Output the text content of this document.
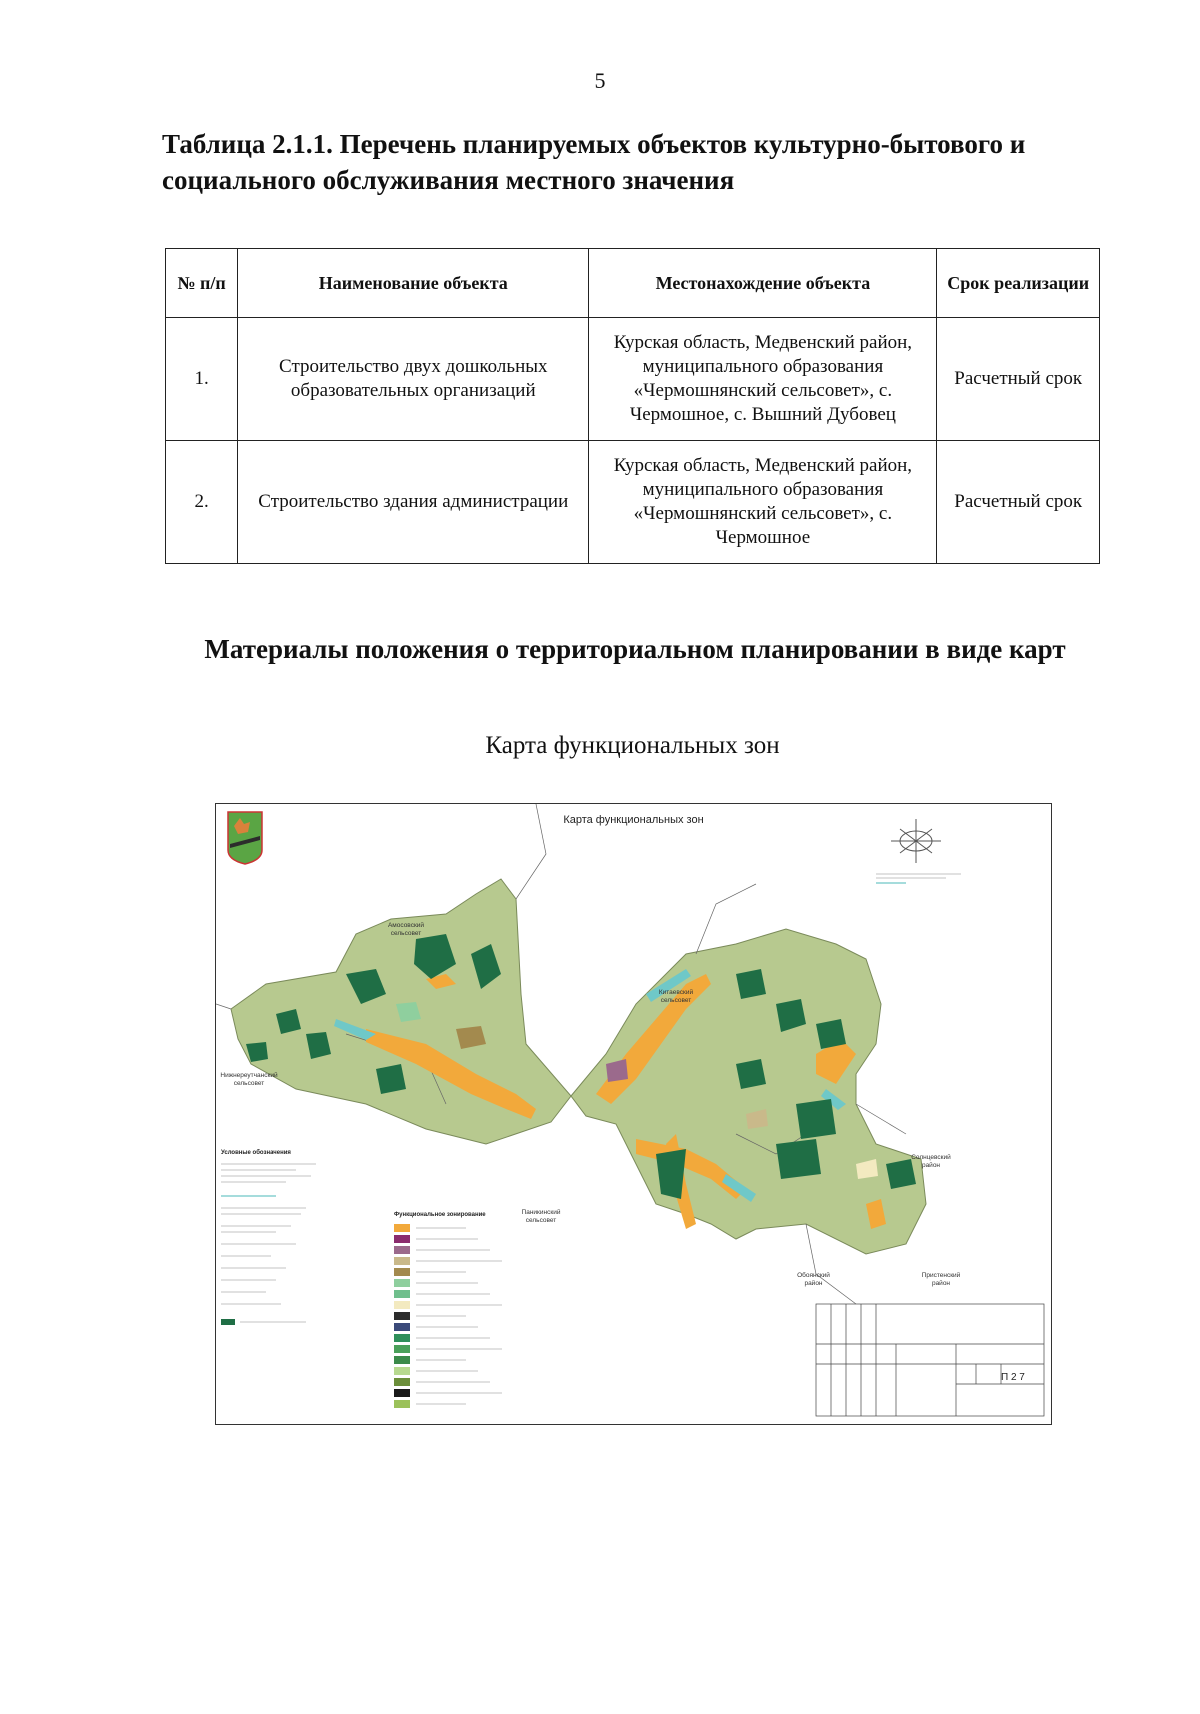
5
Таблица 2.1.1. Перечень планируемых объектов культурно-бытового и социального обслуживания местного значения
№ п/п	Наименование объекта	Местонахождение объекта	Срок реализации
1.	Строительство двух дошкольных образовательных организаций	Курская область, Медвенский район, муниципального образования «Чермошнянский сельсовет», с. Чермошное, с. Вышний Дубовец	Расчетный срок
2.	Строительство здания администрации	Курская область, Медвенский район, муниципального образования «Чермошнянский сельсовет», с. Чермошное	Расчетный срок
Материалы положения о территориальном планировании в виде карт
Карта функциональных зон
П 2 7
Карта функциональных зон
Амосовский сельсовет
Китаевский сельсовет
Нижнереутчанский сельсовет
Паникинский сельсовет
Солнцевский район
Обоянский район
Пристенский район
Условные обозначения
Функциональное зонирование
